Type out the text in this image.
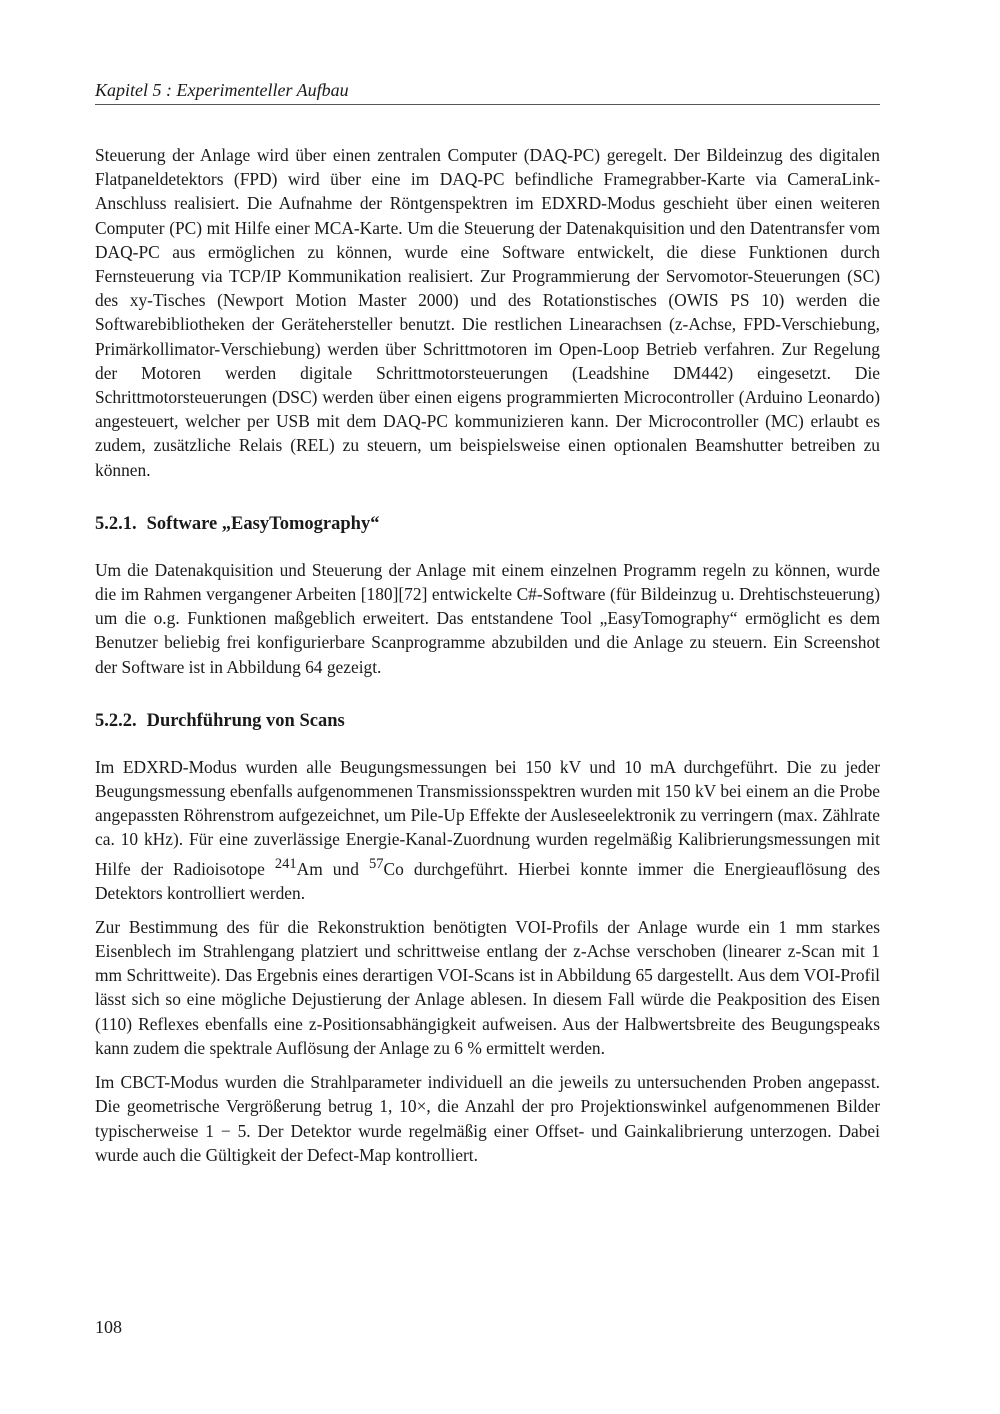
Kapitel 5 : Experimenteller Aufbau

Steuerung der Anlage wird über einen zentralen Computer (DAQ-PC) geregelt. Der Bildeinzug des digitalen Flatpaneldetektors (FPD) wird über eine im DAQ-PC befindliche Framegrabber-Karte via CameraLink-Anschluss realisiert. Die Aufnahme der Röntgenspektren im EDXRD-Modus geschieht über einen weiteren Computer (PC) mit Hilfe einer MCA-Karte. Um die Steuerung der Datenakquisition und den Datentransfer vom DAQ-PC aus ermöglichen zu können, wurde eine Software entwickelt, die diese Funktionen durch Fernsteuerung via TCP/IP Kommunikation realisiert. Zur Programmierung der Servomotor-Steuerungen (SC) des xy-Tisches (Newport Motion Master 2000) und des Rotationstisches (OWIS PS 10) werden die Softwarebibliotheken der Gerätehersteller benutzt. Die restlichen Linearachsen (z-Achse, FPD-Verschiebung, Primärkollimator-Verschiebung) werden über Schrittmotoren im Open-Loop Betrieb verfahren. Zur Regelung der Motoren werden digitale Schrittmotorsteuerungen (Leadshine DM442) eingesetzt. Die Schrittmotorsteuerungen (DSC) werden über einen eigens programmierten Microcontroller (Arduino Leonardo) angesteuert, welcher per USB mit dem DAQ-PC kommunizieren kann. Der Microcontroller (MC) erlaubt es zudem, zusätzliche Relais (REL) zu steuern, um beispielsweise einen optionalen Beamshutter betreiben zu können.

5.2.1. Software „EasyTomography“

Um die Datenakquisition und Steuerung der Anlage mit einem einzelnen Programm regeln zu können, wurde die im Rahmen vergangener Arbeiten [180][72] entwickelte C#-Software (für Bildeinzug u. Drehtischsteuerung) um die o.g. Funktionen maßgeblich erweitert. Das entstandene Tool „EasyTomography“ ermöglicht es dem Benutzer beliebig frei konfigurierbare Scanprogramme abzubilden und die Anlage zu steuern. Ein Screenshot der Software ist in Abbildung 64 gezeigt.

5.2.2. Durchführung von Scans

Im EDXRD-Modus wurden alle Beugungsmessungen bei 150 kV und 10 mA durchgeführt. Die zu jeder Beugungsmessung ebenfalls aufgenommenen Transmissionsspektren wurden mit 150 kV bei einem an die Probe angepassten Röhrenstrom aufgezeichnet, um Pile-Up Effekte der Ausleseelektronik zu verringern (max. Zählrate ca. 10 kHz). Für eine zuverlässige Energie-Kanal-Zuordnung wurden regelmäßig Kalibrierungsmessungen mit Hilfe der Radioisotope $^{241}$Am und $^{57}$Co durchgeführt. Hierbei konnte immer die Energieauflösung des Detektors kontrolliert werden.

Zur Bestimmung des für die Rekonstruktion benötigten VOI-Profils der Anlage wurde ein 1 mm starkes Eisenblech im Strahlengang platziert und schrittweise entlang der z-Achse verschoben (linearer z-Scan mit 1 mm Schrittweite). Das Ergebnis eines derartigen VOI-Scans ist in Abbildung 65 dargestellt. Aus dem VOI-Profil lässt sich so eine mögliche Dejustierung der Anlage ablesen. In diesem Fall würde die Peakposition des Eisen (110) Reflexes ebenfalls eine z-Positionsabhängigkeit aufweisen. Aus der Halbwertsbreite des Beugungspeaks kann zudem die spektrale Auflösung der Anlage zu 6 % ermittelt werden.

Im CBCT-Modus wurden die Strahlparameter individuell an die jeweils zu untersuchenden Proben angepasst. Die geometrische Vergrößerung betrug 1, 10×, die Anzahl der pro Projektionswinkel aufgenommenen Bilder typischerweise 1 − 5. Der Detektor wurde regelmäßig einer Offset- und Gainkalibrierung unterzogen. Dabei wurde auch die Gültigkeit der Defect-Map kontrolliert.

108
